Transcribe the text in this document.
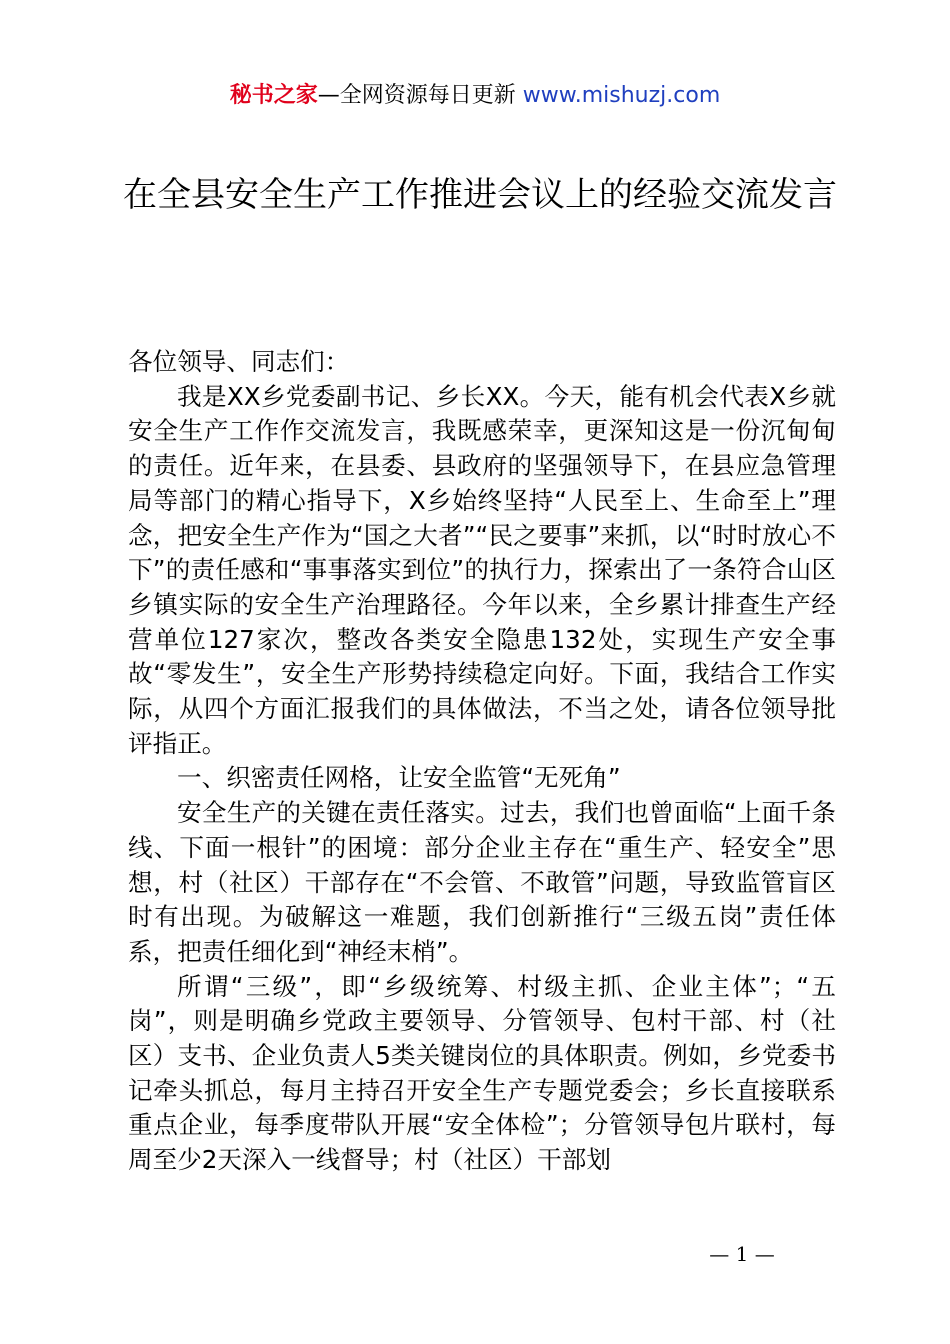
秘书之家—全网资源每日更新 www.mishuzj.com
在全县安全生产工作推进会议上的经验交流发言

各位领导、同志们：

我是XX乡党委副书记、乡长XX。今天，能有机会代表X乡就安全生产工作作交流发言，我既感荣幸，更深知这是一份沉甸甸的责任。近年来，在县委、县政府的坚强领导下，在县应急管理局等部门的精心指导下，X乡始终坚持“人民至上、生命至上”理念，把安全生产作为“国之大者”“民之要事”来抓，以“时时放心不下”的责任感和“事事落实到位”的执行力，探索出了一条符合山区乡镇实际的安全生产治理路径。今年以来，全乡累计排查生产经营单位127家次，整改各类安全隐患132处，实现生产安全事故“零发生”，安全生产形势持续稳定向好。下面，我结合工作实际，从四个方面汇报我们的具体做法，不当之处，请各位领导批评指正。

一、织密责任网格，让安全监管“无死角”

安全生产的关键在责任落实。过去，我们也曾面临“上面千条线、下面一根针”的困境：部分企业主存在“重生产、轻安全”思想，村（社区）干部存在“不会管、不敢管”问题，导致监管盲区时有出现。为破解这一难题，我们创新推行“三级五岗”责任体系，把责任细化到“神经末梢”。

所谓“三级”，即“乡级统筹、村级主抓、企业主体”；“五岗”，则是明确乡党政主要领导、分管领导、包村干部、村（社区）支书、企业负责人5类关键岗位的具体职责。例如，乡党委书记牵头抓总，每月主持召开安全生产专题党委会；乡长直接联系重点企业，每季度带队开展“安全体检”；分管领导包片联村，每周至少2天深入一线督导；村（社区）干部划

— 1 —
